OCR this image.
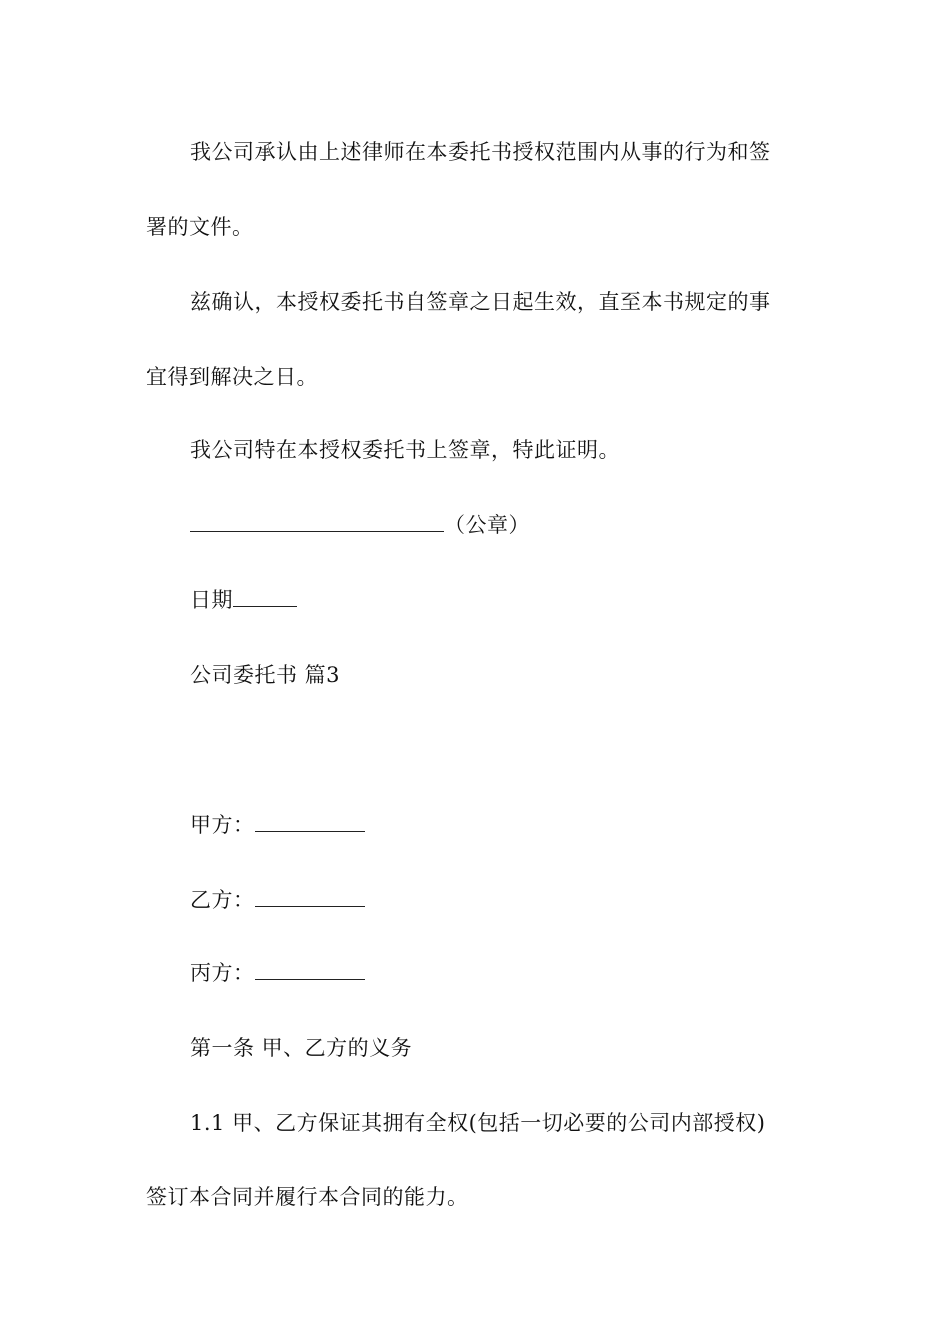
我公司承认由上述律师在本委托书授权范围内从事的行为和签
署的文件。
兹确认，本授权委托书自签章之日起生效，直至本书规定的事
宜得到解决之日。
我公司特在本授权委托书上签章，特此证明。
（公章）
日期
公司委托书 篇3
甲方：
乙方：
丙方：
第一条 甲、乙方的义务
1.1 甲、乙方保证其拥有全权(包括一切必要的公司内部授权)
签订本合同并履行本合同的能力。
